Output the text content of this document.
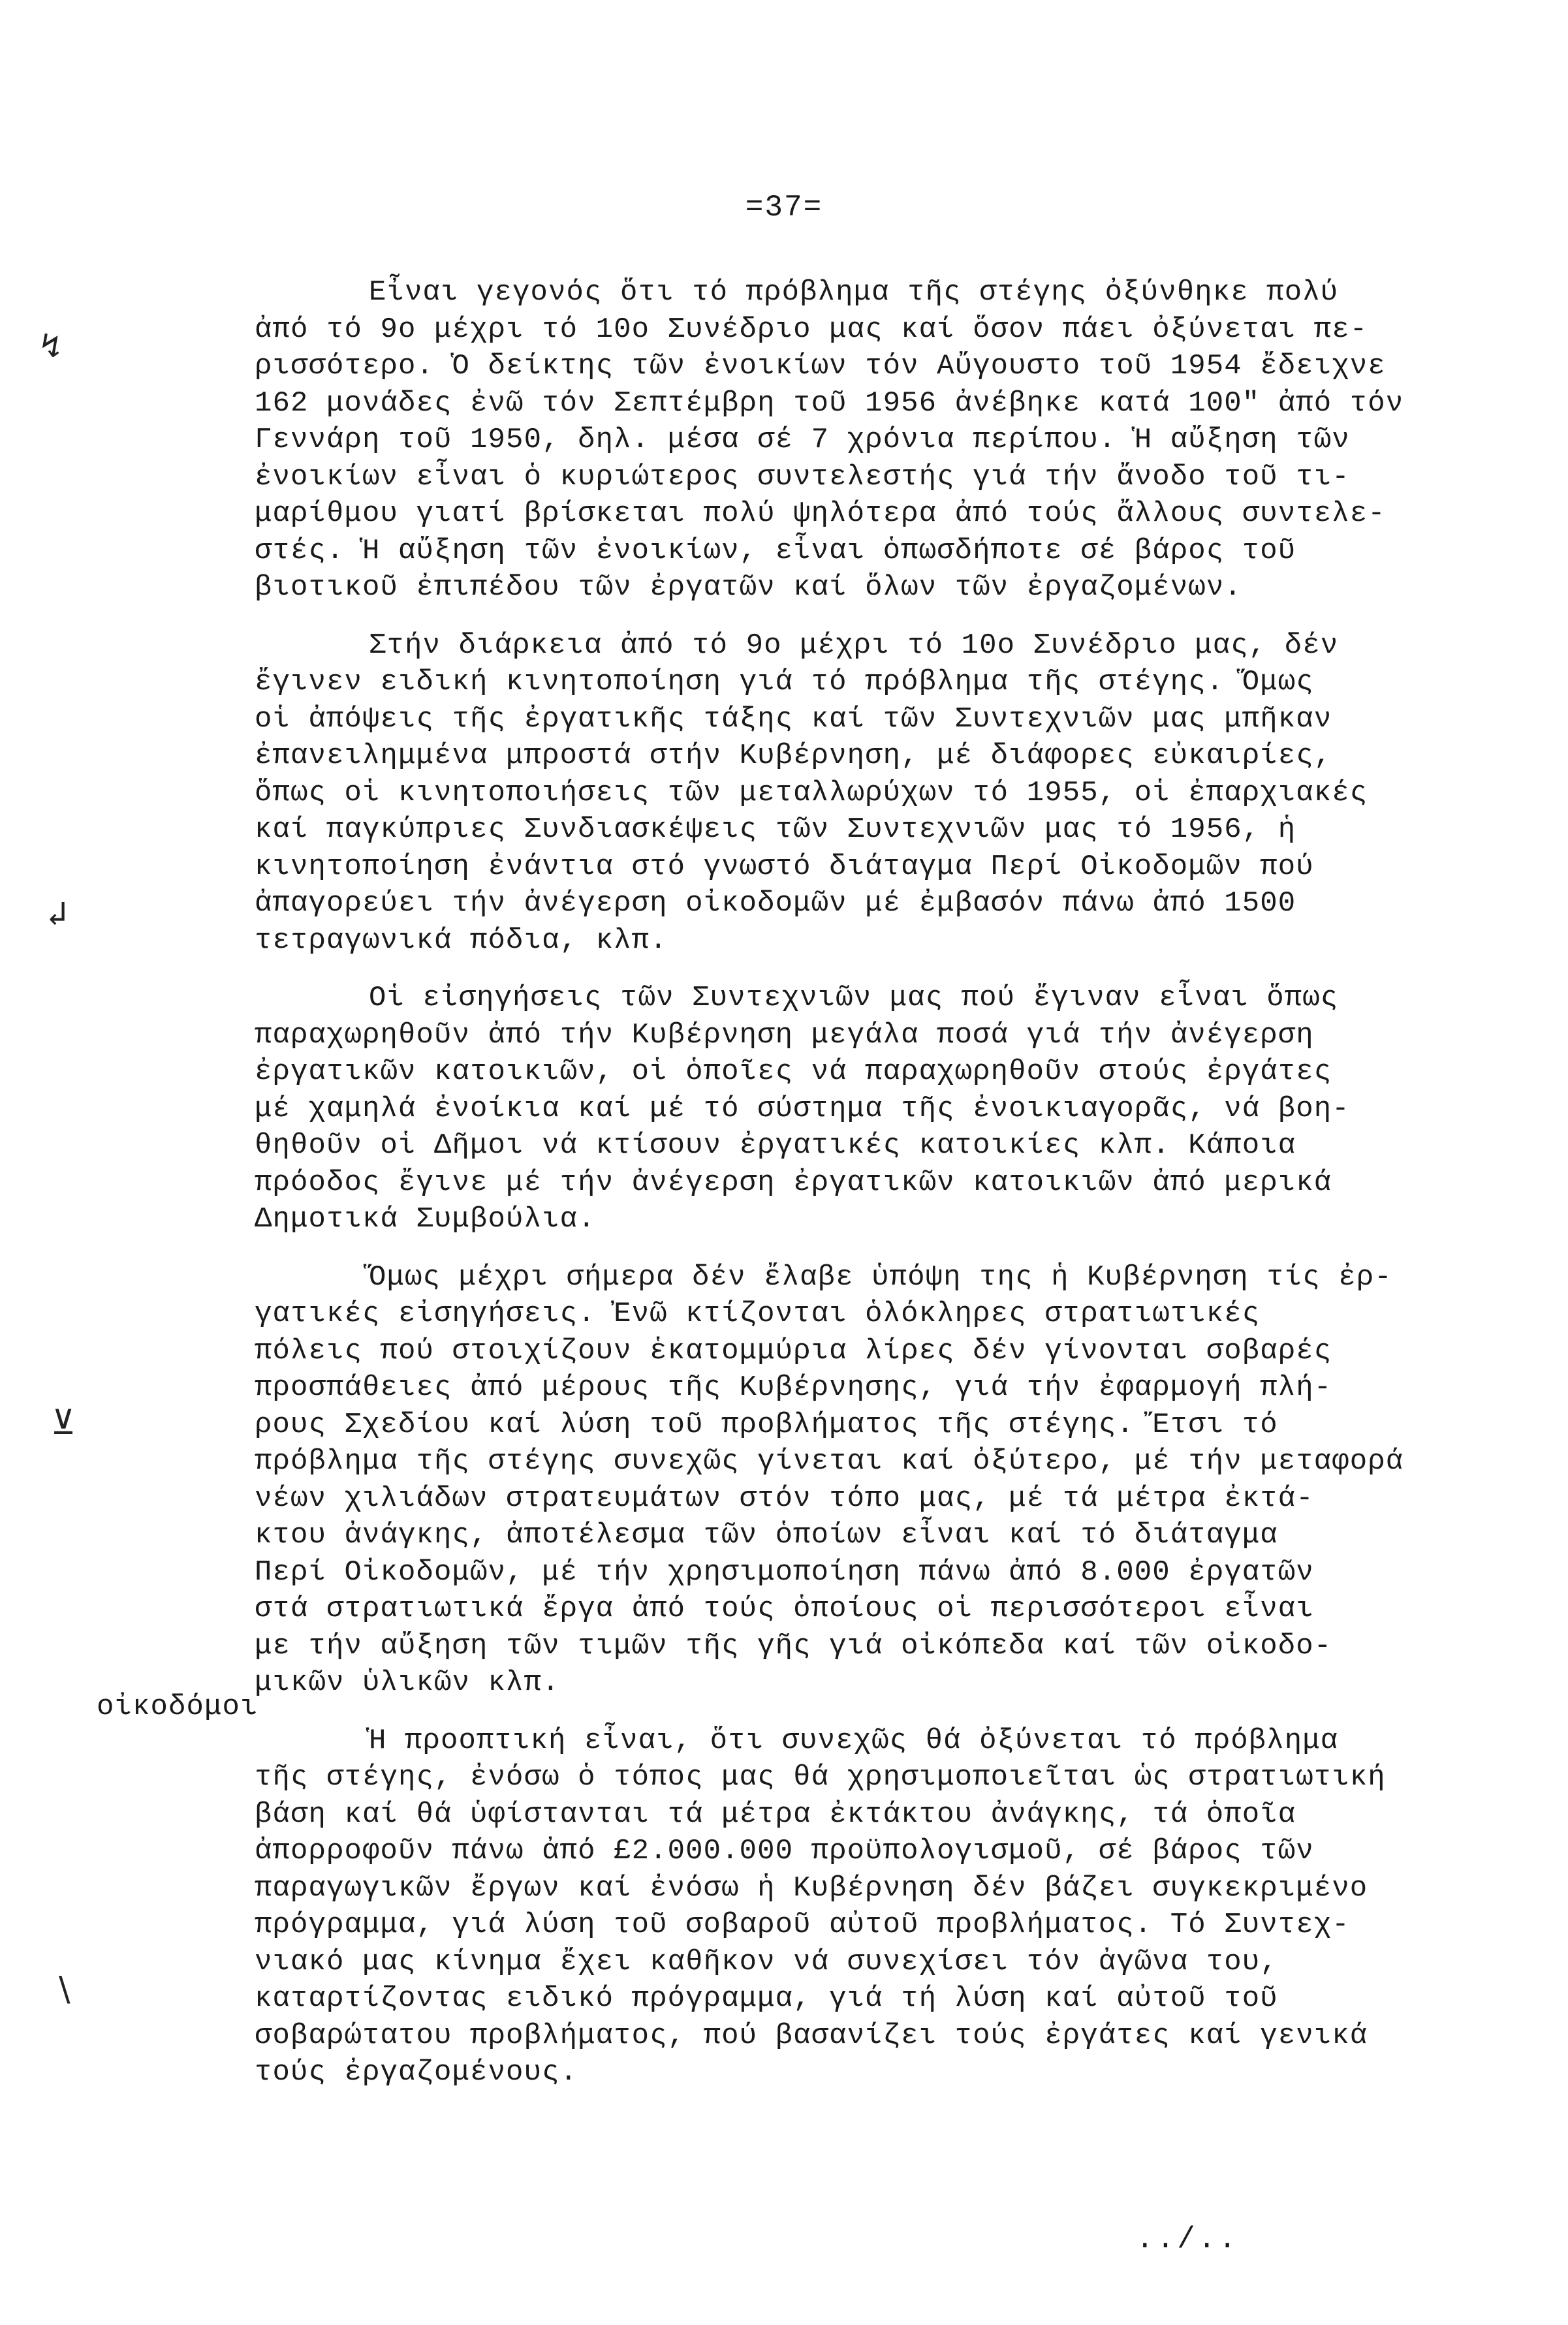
=37=
Εἶναι γεγονός ὅτι τό πρόβλημα τῆς στέγης ὀξύνθηκε πολύ
ἀπό τό 9ο μέχρι τό 10ο Συνέδριο μας καί ὅσον πάει ὀξύνεται πε-
ρισσότερο. Ὁ δείκτης τῶν ἐνοικίων τόν Αὔγουστο τοῦ 1954 ἔδειχνε
162 μονάδες ἐνῶ τόν Σεπτέμβρη τοῦ 1956 ἀνέβηκε κατά 100" ἀπό τόν
Γεννάρη τοῦ 1950, δηλ. μέσα σέ 7 χρόνια περίπου. Ἡ αὔξηση τῶν
ἐνοικίων εἶναι ὁ κυριώτερος συντελεστής γιά τήν ἄνοδο τοῦ τι-
μαρίθμου γιατί βρίσκεται πολύ ψηλότερα ἀπό τούς ἄλλους συντελε-
στές. Ἡ αὔξηση τῶν ἐνοικίων, εἶναι ὁπωσδήποτε σέ βάρος τοῦ
βιοτικοῦ ἐπιπέδου τῶν ἐργατῶν καί ὅλων τῶν ἐργαζομένων.
Στήν διάρκεια ἀπό τό 9ο μέχρι τό 10ο Συνέδριο μας, δέν
ἔγινεν ειδική κινητοποίηση γιά τό πρόβλημα τῆς στέγης. Ὅμως
οἱ ἀπόψεις τῆς ἐργατικῆς τάξης καί τῶν Συντεχνιῶν μας μπῆκαν
ἐπανειλημμένα μπροστά στήν Κυβέρνηση, μέ διάφορες εὐκαιρίες,
ὅπως οἱ κινητοποιήσεις τῶν μεταλλωρύχων τό 1955, οἱ ἐπαρχιακές
καί παγκύπριες Συνδιασκέψεις τῶν Συντεχνιῶν μας τό 1956, ἡ
κινητοποίηση ἐνάντια στό γνωστό διάταγμα Περί Οἰκοδομῶν πού
ἀπαγορεύει τήν ἀνέγερση οἰκοδομῶν μέ ἐμβασόν πάνω ἀπό 1500
τετραγωνικά πόδια, κλπ.
Οἱ εἰσηγήσεις τῶν Συντεχνιῶν μας πού ἔγιναν εἶναι ὅπως
παραχωρηθοῦν ἀπό τήν Κυβέρνηση μεγάλα ποσά γιά τήν ἀνέγερση
ἐργατικῶν κατοικιῶν, οἱ ὁποῖες νά παραχωρηθοῦν στούς ἐργάτες
μέ χαμηλά ἐνοίκια καί μέ τό σύστημα τῆς ἐνοικιαγορᾶς, νά βοη-
θηθοῦν οἱ Δῆμοι νά κτίσουν ἐργατικές κατοικίες κλπ. Κάποια
πρόοδος ἔγινε μέ τήν ἀνέγερση ἐργατικῶν κατοικιῶν ἀπό μερικά
Δημοτικά Συμβούλια.
Ὅμως μέχρι σήμερα δέν ἔλαβε ὑπόψη της ἡ Κυβέρνηση τίς ἐρ-
γατικές εἰσηγήσεις. Ἐνῶ κτίζονται ὁλόκληρες στρατιωτικές
πόλεις πού στοιχίζουν ἑκατομμύρια λίρες δέν γίνονται σοβαρές
προσπάθειες ἀπό μέρους τῆς Κυβέρνησης, γιά τήν ἐφαρμογή πλή-
ρους Σχεδίου καί λύση τοῦ προβλήματος τῆς στέγης. Ἔτσι τό
πρόβλημα τῆς στέγης συνεχῶς γίνεται καί ὀξύτερο, μέ τήν μεταφορά
νέων χιλιάδων στρατευμάτων στόν τόπο μας, μέ τά μέτρα ἐκτά-
κτου ἀνάγκης, ἀποτέλεσμα τῶν ὁποίων εἶναι καί τό διάταγμα
Περί Οἰκοδομῶν, μέ τήν χρησιμοποίηση πάνω ἀπό 8.000 ἐργατῶν
στά στρατιωτικά ἔργα ἀπό τούς ὁποίους οἱ περισσότεροι εἶναι
με τήν αὔξηση τῶν τιμῶν τῆς γῆς γιά οἰκόπεδα καί τῶν οἰκοδο-
μικῶν ὑλικῶν κλπ.
Ἡ προοπτική εἶναι, ὅτι συνεχῶς θά ὀξύνεται τό πρόβλημα
τῆς στέγης, ἐνόσω ὁ τόπος μας θά χρησιμοποιεῖται ὡς στρατιωτική
βάση καί θά ὑφίστανται τά μέτρα ἐκτάκτου ἀνάγκης, τά ὁποῖα
ἀπορροφοῦν πάνω ἀπό £2.000.000 προϋπολογισμοῦ, σέ βάρος τῶν
παραγωγικῶν ἔργων καί ἐνόσω ἡ Κυβέρνηση δέν βάζει συγκεκριμένο
πρόγραμμα, γιά λύση τοῦ σοβαροῦ αὐτοῦ προβλήματος. Τό Συντεχ-
νιακό μας κίνημα ἔχει καθῆκον νά συνεχίσει τόν ἀγῶνα του,
καταρτίζοντας ειδικό πρόγραμμα, γιά τή λύση καί αὐτοῦ τοῦ
σοβαρώτατου προβλήματος, πού βασανίζει τούς ἐργάτες καί γενικά
τούς ἐργαζομένους.
οἰκοδόμοι
../..
↯
↲
⊻
∖
